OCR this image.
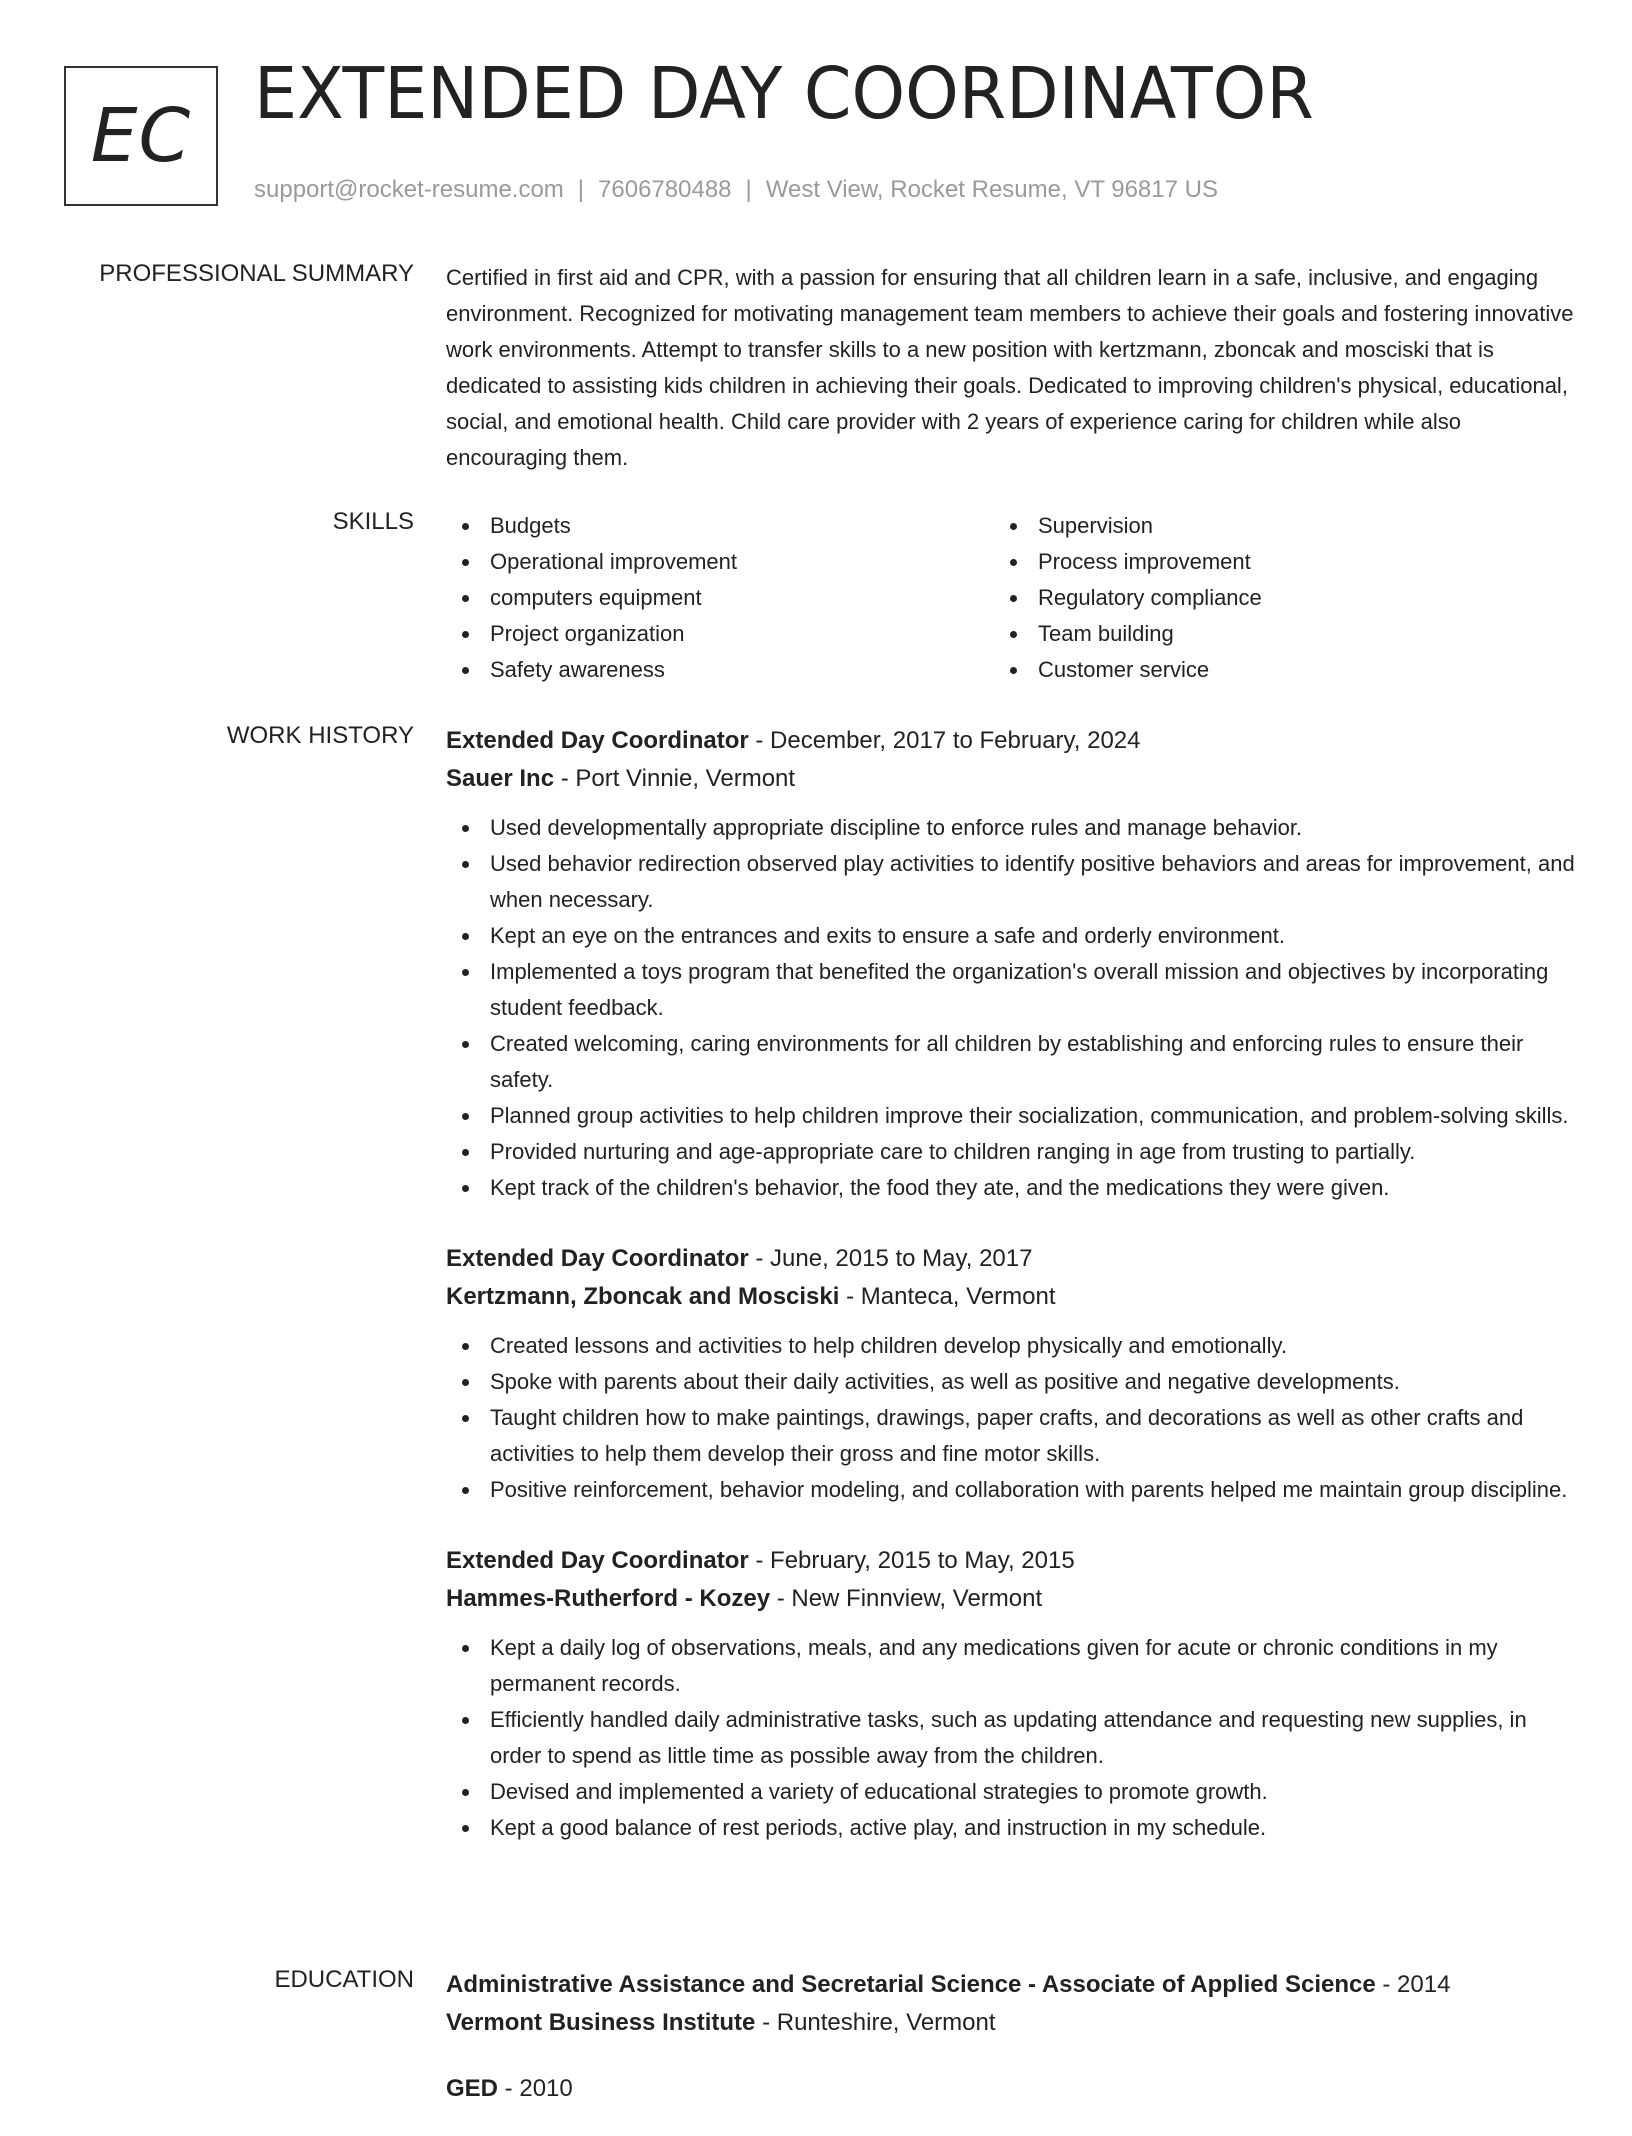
EC EXTENDED DAY COORDINATOR
support@rocket-resume.com | 7606780488 | West View, Rocket Resume, VT 96817 US
PROFESSIONAL SUMMARY Certified in first aid and CPR, with a passion for ensuring that all children learn in a safe, inclusive, and engaging environment. Recognized for motivating management team members to achieve their goals and fostering innovative work environments. Attempt to transfer skills to a new position with kertzmann, zboncak and mosciski that is dedicated to assisting kids children in achieving their goals. Dedicated to improving children's physical, educational, social, and emotional health. Child care provider with 2 years of experience caring for children while also encouraging them.

SKILLS	Budgets
Operational improvement
computers equipment
Project organization
Safety awareness
Supervision
Process improvement
Regulatory compliance
Team building
Customer service
WORK HISTORY Extended Day Coordinator - December, 2017 to February, 2024
Sauer Inc - Port Vinnie, Vermont
Used developmentally appropriate discipline to enforce rules and manage behavior.
Used behavior redirection observed play activities to identify positive behaviors and areas for improvement, and when necessary.
Kept an eye on the entrances and exits to ensure a safe and orderly environment.
Implemented a toys program that benefited the organization's overall mission and objectives by incorporating student feedback.
Created welcoming, caring environments for all children by establishing and enforcing rules to ensure their safety.
Planned group activities to help children improve their socialization, communication, and problem-solving skills.
Provided nurturing and age-appropriate care to children ranging in age from trusting to partially.
Kept track of the children's behavior, the food they ate, and the medications they were given.
Extended Day Coordinator - June, 2015 to May, 2017
Kertzmann, Zboncak and Mosciski - Manteca, Vermont
Created lessons and activities to help children develop physically and emotionally.
Spoke with parents about their daily activities, as well as positive and negative developments.
Taught children how to make paintings, drawings, paper crafts, and decorations as well as other crafts and activities to help them develop their gross and fine motor skills.
Positive reinforcement, behavior modeling, and collaboration with parents helped me maintain group discipline.
Extended Day Coordinator - February, 2015 to May, 2015
Hammes-Rutherford - Kozey - New Finnview, Vermont
Kept a daily log of observations, meals, and any medications given for acute or chronic conditions in my permanent records.
Efficiently handled daily administrative tasks, such as updating attendance and requesting new supplies, in order to spend as little time as possible away from the children.
Devised and implemented a variety of educational strategies to promote growth.
Kept a good balance of rest periods, active play, and instruction in my schedule.
EDUCATION Administrative Assistance and Secretarial Science - Associate of Applied Science - 2014
Vermont Business Institute - Runteshire, Vermont
GED - 2010
